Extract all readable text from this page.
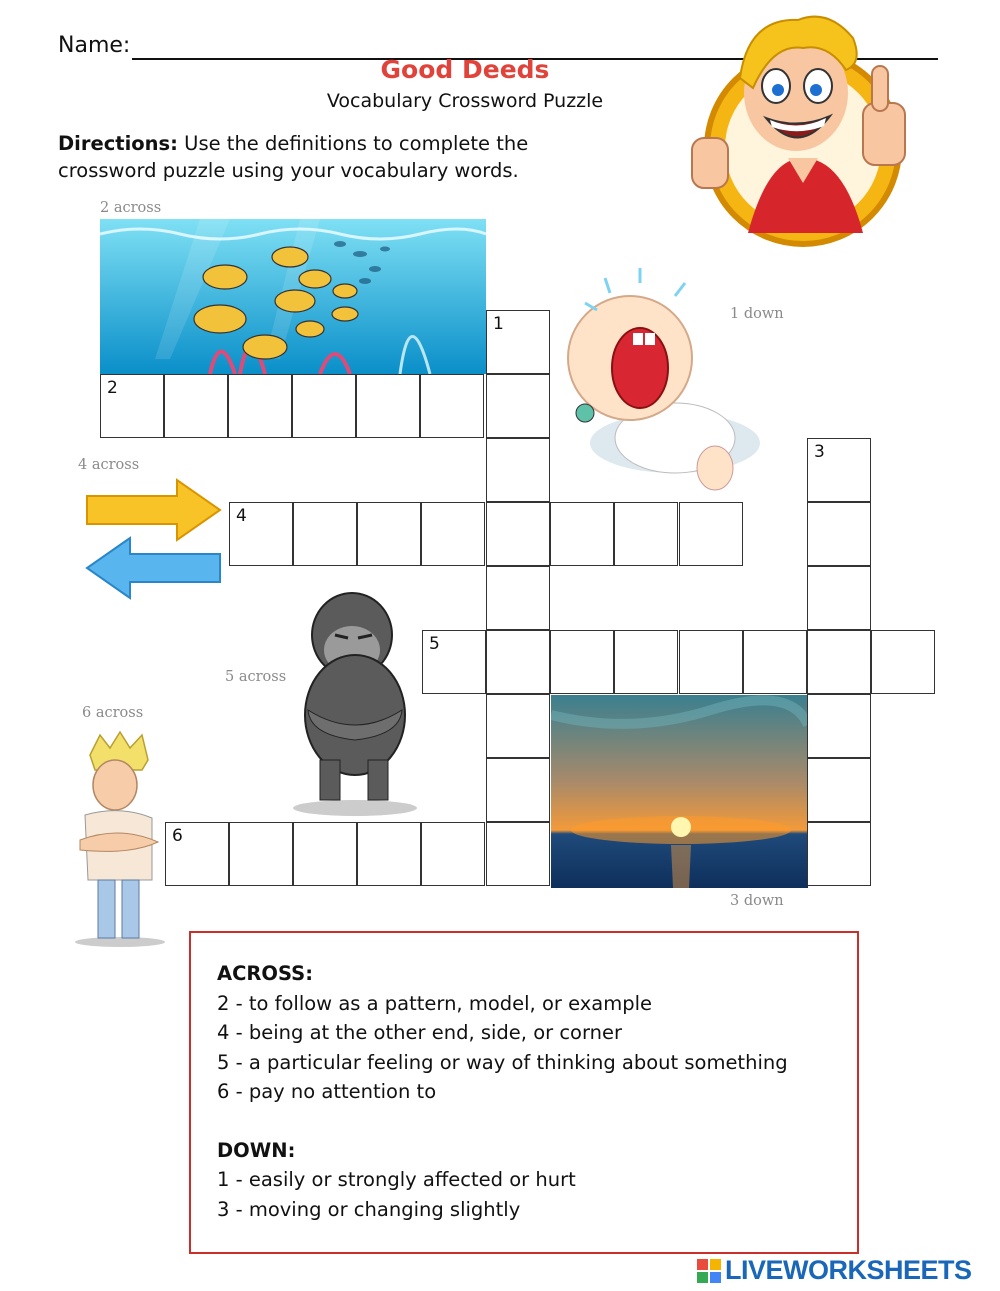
Name:
Good Deeds
Vocabulary Crossword Puzzle
Directions: Use the definitions to complete the crossword puzzle using your vocabulary words.
2 across
1 down
4 across
5 across
6 across
3 down
2
1
4
5
3
6
ACROSS:
2 - to follow as a pattern, model, or example
4 - being at the other end, side, or corner
5 - a particular feeling or way of thinking about something
6 - pay no attention to
DOWN:
1 - easily or strongly affected or hurt
3 - moving or changing slightly
LIVEWORKSHEETS
